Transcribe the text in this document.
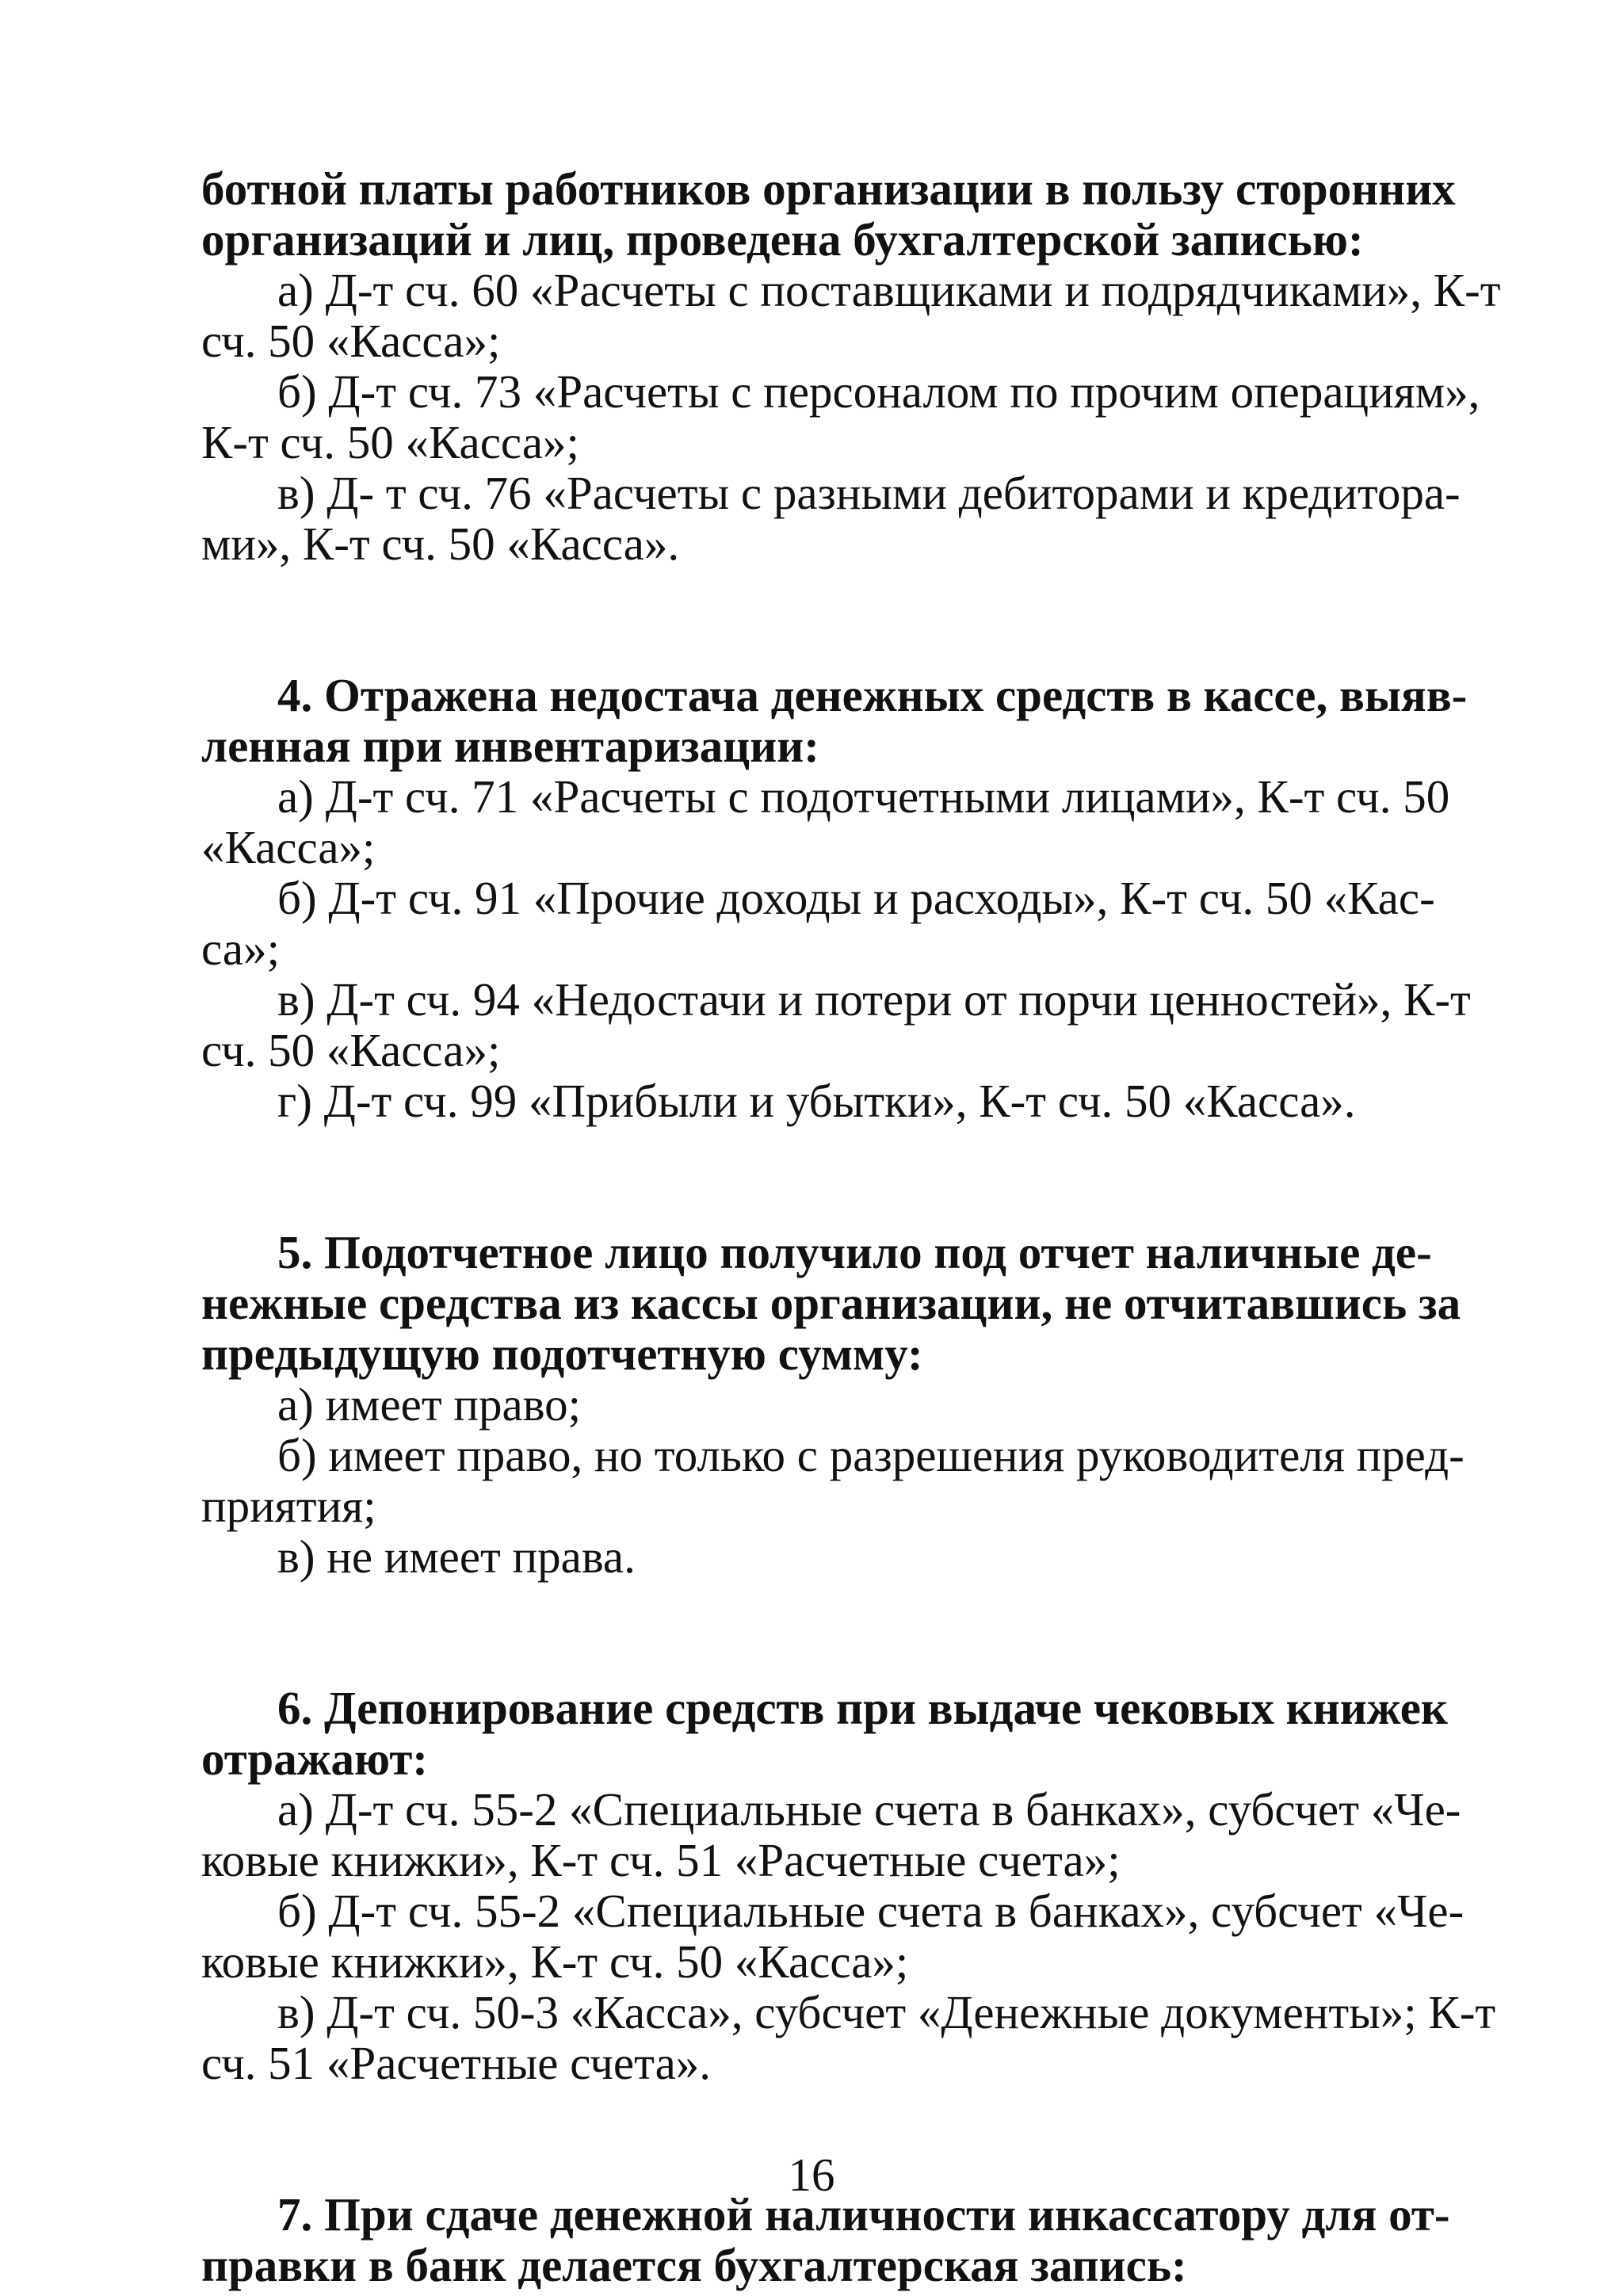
ботной платы работников организации в пользу сторонних
организаций и лиц, проведена бухгалтерской записью:
а) Д-т сч. 60 «Расчеты с поставщиками и подрядчиками», К-т
сч. 50 «Касса»;
б) Д-т сч. 73 «Расчеты с персоналом по прочим операциям»,
К-т сч. 50 «Касса»;
в) Д- т сч. 76 «Расчеты с разными дебиторами и кредитора-
ми», К-т сч. 50 «Касса».
4. Отражена недостача денежных средств в кассе, выяв-
ленная при инвентаризации:
а) Д-т сч. 71 «Расчеты с подотчетными лицами», К-т сч. 50
«Касса»;
б) Д-т сч. 91 «Прочие доходы и расходы», К-т сч. 50 «Кас-
са»;
в) Д-т сч. 94 «Недостачи и потери от порчи ценностей», К-т
сч. 50 «Касса»;
г) Д-т сч. 99 «Прибыли и убытки», К-т сч. 50 «Касса».
5. Подотчетное лицо получило под отчет наличные де-
нежные средства из кассы организации, не отчитавшись за
предыдущую подотчетную сумму:
а) имеет право;
б) имеет право, но только с разрешения руководителя пред-
приятия;
в) не имеет права.
6. Депонирование средств при выдаче чековых книжек
отражают:
а) Д-т сч. 55-2 «Специальные счета в банках», субсчет «Че-
ковые книжки», К-т сч. 51 «Расчетные счета»;
б) Д-т сч. 55-2 «Специальные счета в банках», субсчет «Че-
ковые книжки», К-т сч. 50 «Касса»;
в) Д-т сч. 50-3 «Касса», субсчет «Денежные документы»; К-т
сч. 51 «Расчетные счета».
7. При сдаче денежной наличности инкассатору для от-
правки в банк делается бухгалтерская запись:
16
